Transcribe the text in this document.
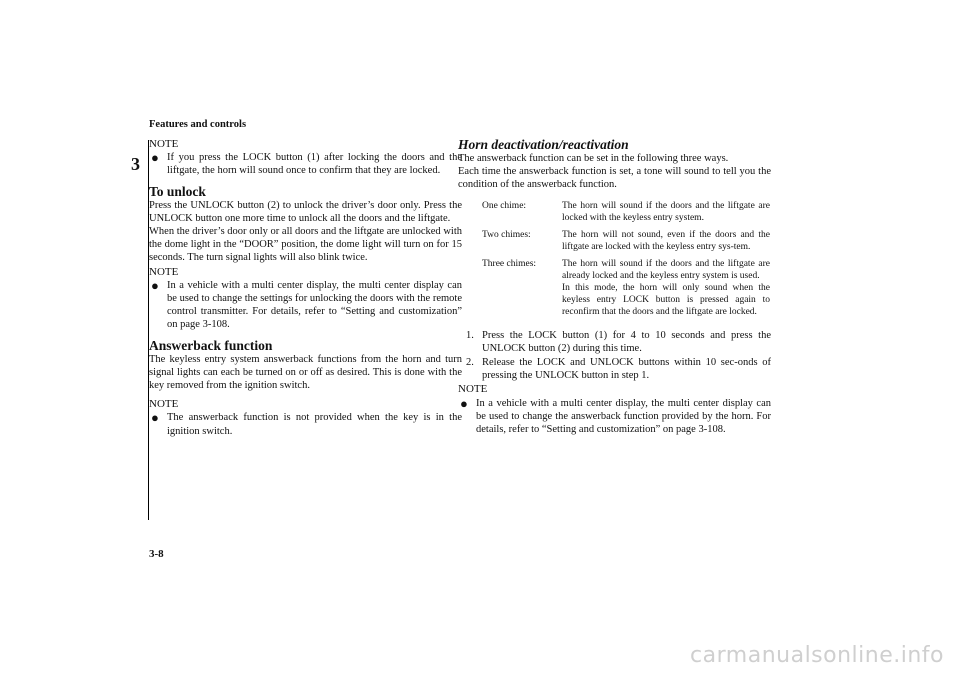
Features and controls
3
NOTE
● If you press the LOCK button (1) after locking the doors and the liftgate, the horn will sound once to confirm that they are locked.

To unlock

Press the UNLOCK button (2) to unlock the driver’s door only. Press the UNLOCK button one more time to unlock all the doors and the liftgate.

When the driver’s door only or all doors and the liftgate are unlocked with the dome light in the “DOOR” position, the dome light will turn on for 15 seconds. The turn signal lights will also blink twice.

NOTE
● In a vehicle with a multi center display, the multi center display can be used to change the settings for unlocking the doors with the remote control transmitter. For details, refer to “Setting and customization” on page 3-108.

Answerback function

The keyless entry system answerback functions from the horn and turn signal lights can each be turned on or off as desired. This is done with the key removed from the ignition switch.

NOTE
● The answerback function is not provided when the key is in the ignition switch.

Horn deactivation/reactivation

The answerback function can be set in the following three ways.

Each time the answerback function is set, a tone will sound to tell you the condition of the answerback function.

One chime:	The horn will sound if the doors and the liftgate are locked with the keyless entry system.
Two chimes:	The horn will not sound, even if the doors and the liftgate are locked with the keyless entry sys-tem.
Three chimes:	The horn will sound if the doors and the liftgate are already locked and the keyless entry system is used.
In this mode, the horn will only sound when the keyless entry LOCK button is pressed again to reconfirm that the doors and the liftgate are locked.
1. Press the LOCK button (1) for 4 to 10 seconds and press the UNLOCK button (2) during this time.
2. Release the LOCK and UNLOCK buttons within 10 sec-onds of pressing the UNLOCK button in step 1.
NOTE
● In a vehicle with a multi center display, the multi center display can be used to change the answerback function provided by the horn. For details, refer to “Setting and customization” on page 3-108.

3-8
carmanualsonline.info
